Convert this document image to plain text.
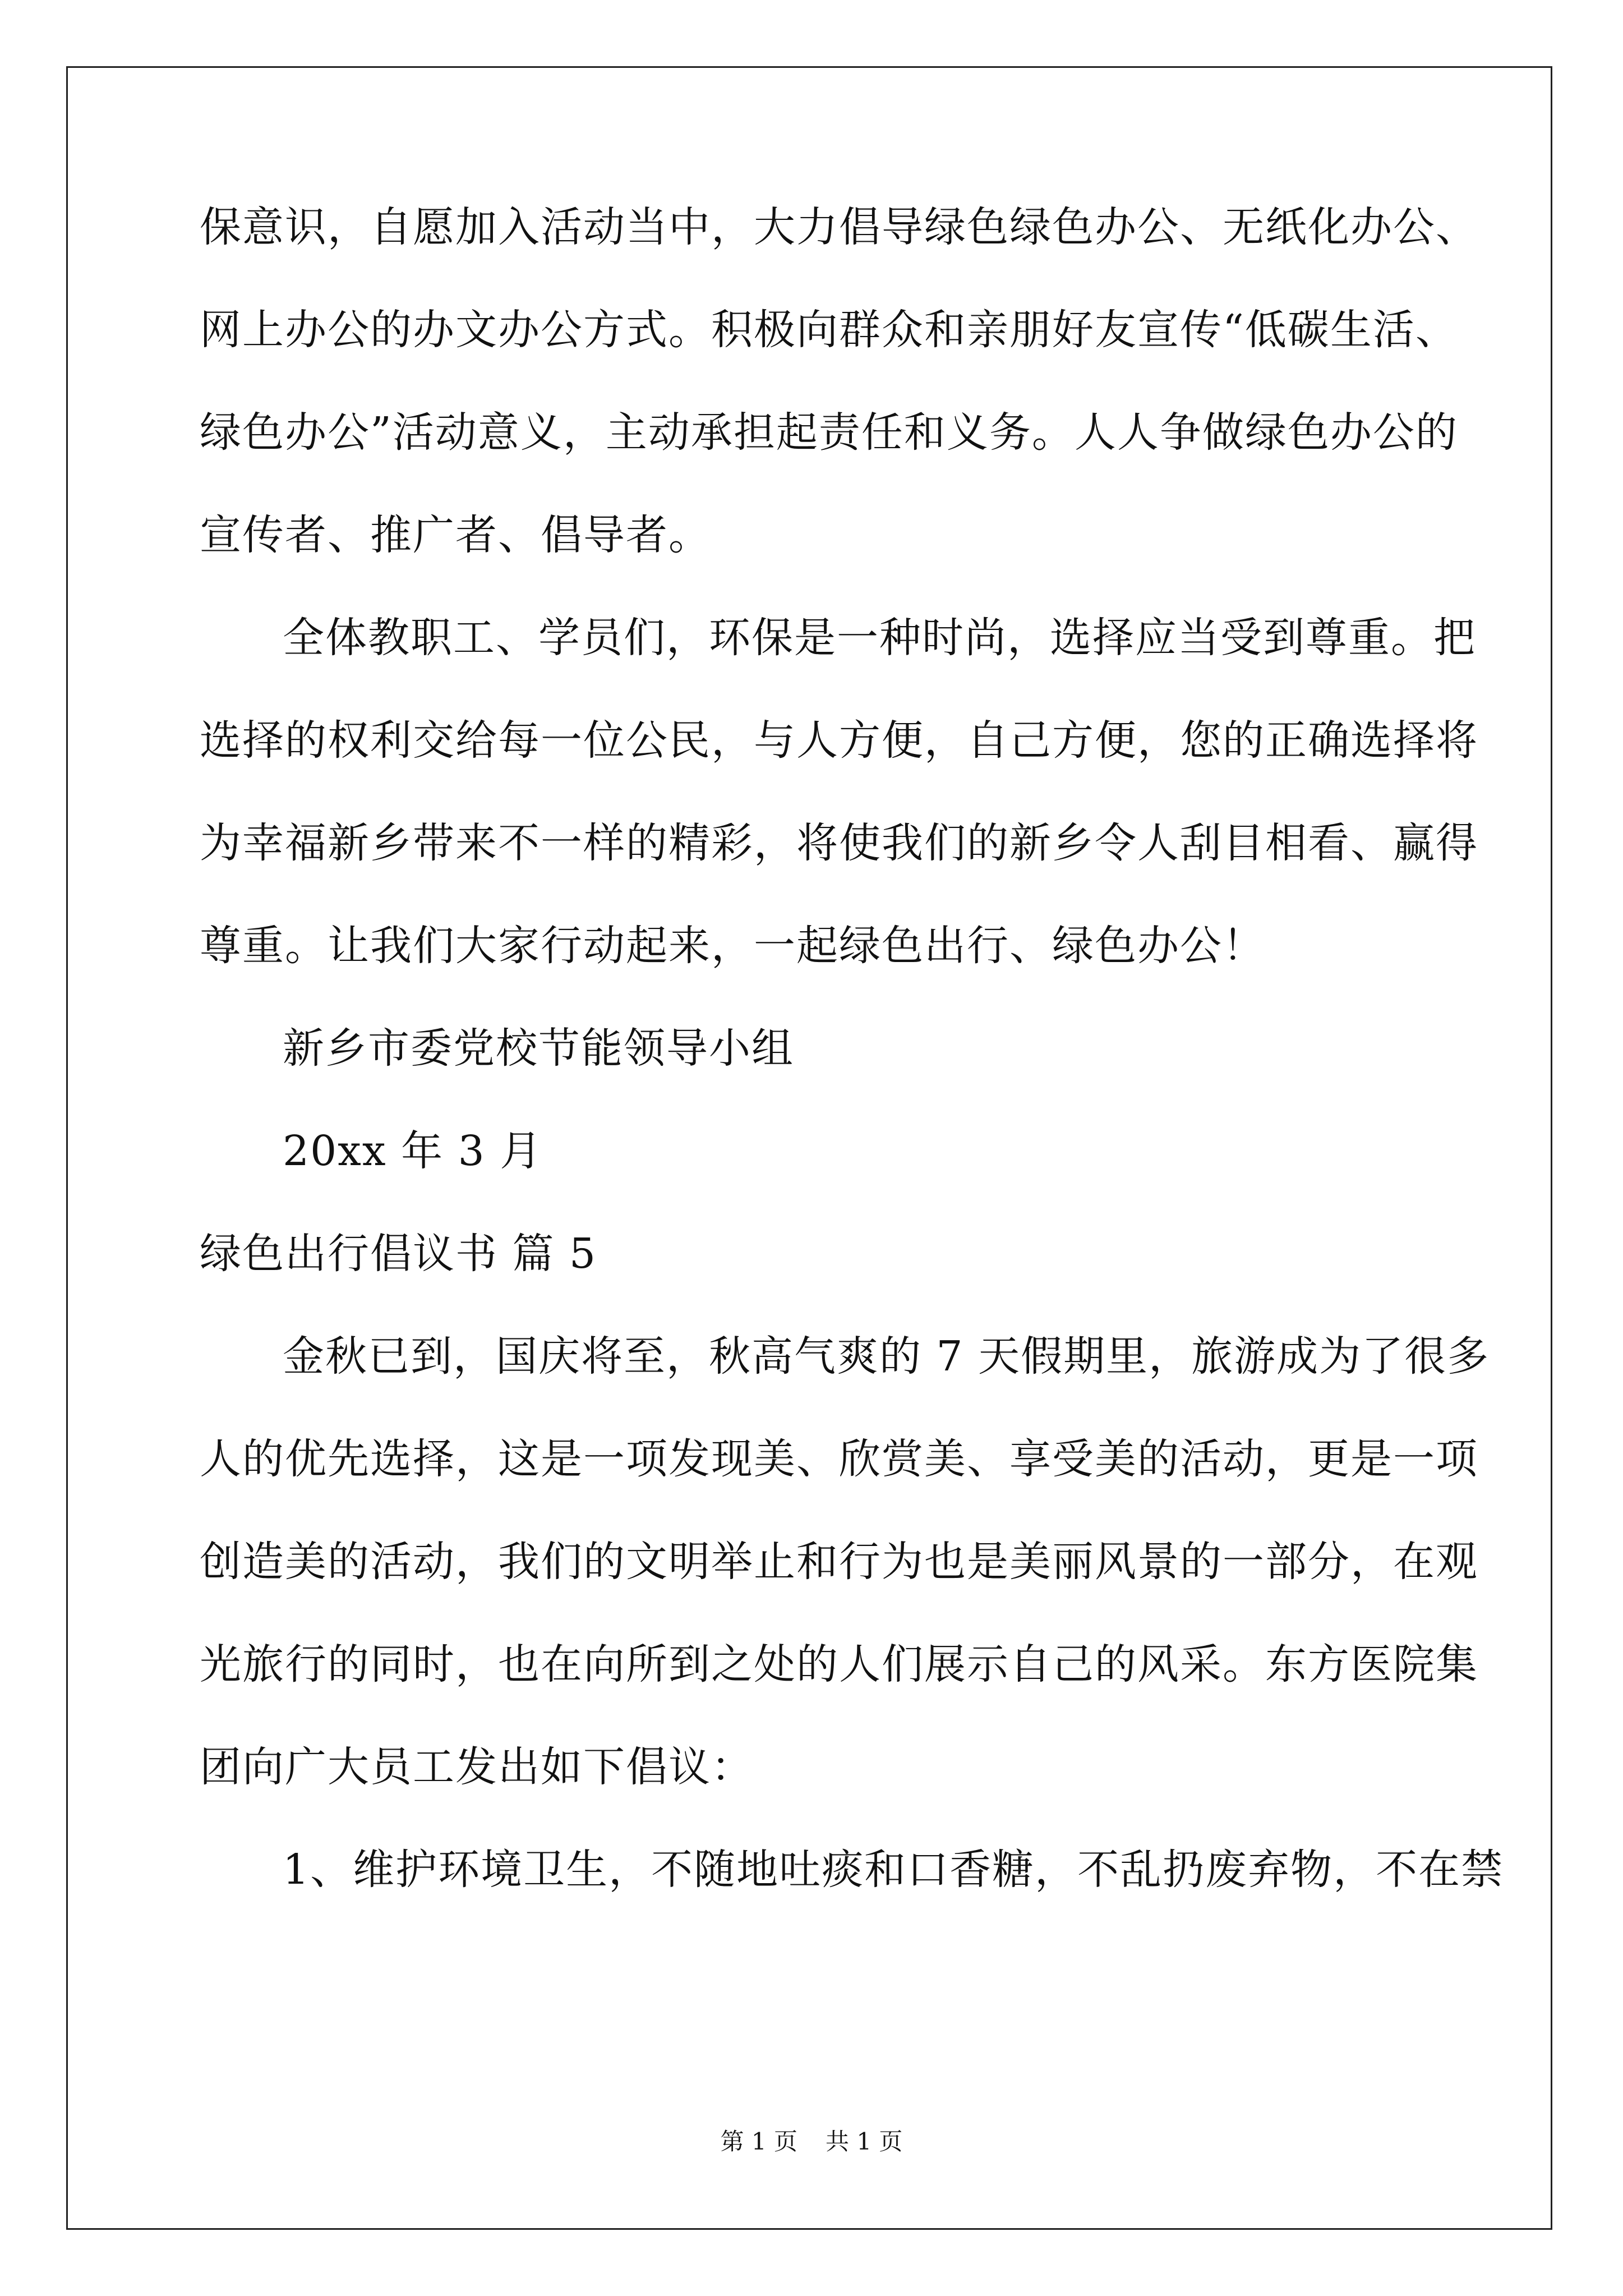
保意识，自愿加入活动当中，大力倡导绿色绿色办公、无纸化办公、
网上办公的办文办公方式。积极向群众和亲朋好友宣传“低碳生活、
绿色办公”活动意义，主动承担起责任和义务。人人争做绿色办公的
宣传者、推广者、倡导者。
全体教职工、学员们，环保是一种时尚，选择应当受到尊重。把
选择的权利交给每一位公民，与人方便，自己方便，您的正确选择将
为幸福新乡带来不一样的精彩，将使我们的新乡令人刮目相看、赢得
尊重。让我们大家行动起来，一起绿色出行、绿色办公！
新乡市委党校节能领导小组
20xx 年 3 月
绿色出行倡议书 篇 5
金秋已到，国庆将至，秋高气爽的 7 天假期里，旅游成为了很多
人的优先选择，这是一项发现美、欣赏美、享受美的活动，更是一项
创造美的活动，我们的文明举止和行为也是美丽风景的一部分，在观
光旅行的同时，也在向所到之处的人们展示自己的风采。东方医院集
团向广大员工发出如下倡议：
1、维护环境卫生，不随地吐痰和口香糖，不乱扔废弃物，不在禁
第 1 页 共 1 页
